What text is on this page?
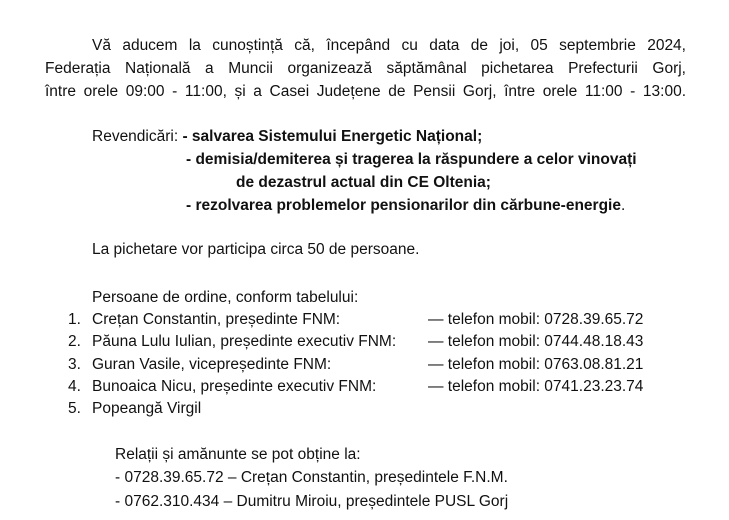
Vă aducem la cunoștință că, începând cu data de joi, 05 septembrie 2024,
Federația Națională a Muncii organizează săptămânal pichetarea Prefecturii Gorj,
între orele 09:00 - 11:00, și a Casei Județene de Pensii Gorj, între orele 11:00 - 13:00.
Revendicări: - salvarea Sistemului Energetic Național;
- demisia/demiterea și tragerea la răspundere a celor vinovați
de dezastrul actual din CE Oltenia;
- rezolvarea problemelor pensionarilor din cărbune-energie.
La pichetare vor participa circa 50 de persoane.
Persoane de ordine, conform tabelului:
1. Crețan Constantin, președinte FNM:	— telefon mobil: 0728.39.65.72
2. Păuna Lulu Iulian, președinte executiv FNM: — telefon mobil: 0744.48.18.43
3. Guran Vasile, vicepreședinte FNM:	— telefon mobil: 0763.08.81.21
4. Bunoaica Nicu, președinte executiv FNM:	— telefon mobil: 0741.23.23.74
5. Popeangă Virgil
Relații și amănunte se pot obține la:
- 0728.39.65.72 – Crețan Constantin, președintele F.N.M.
- 0762.310.434 – Dumitru Miroiu, președintele PUSL Gorj
